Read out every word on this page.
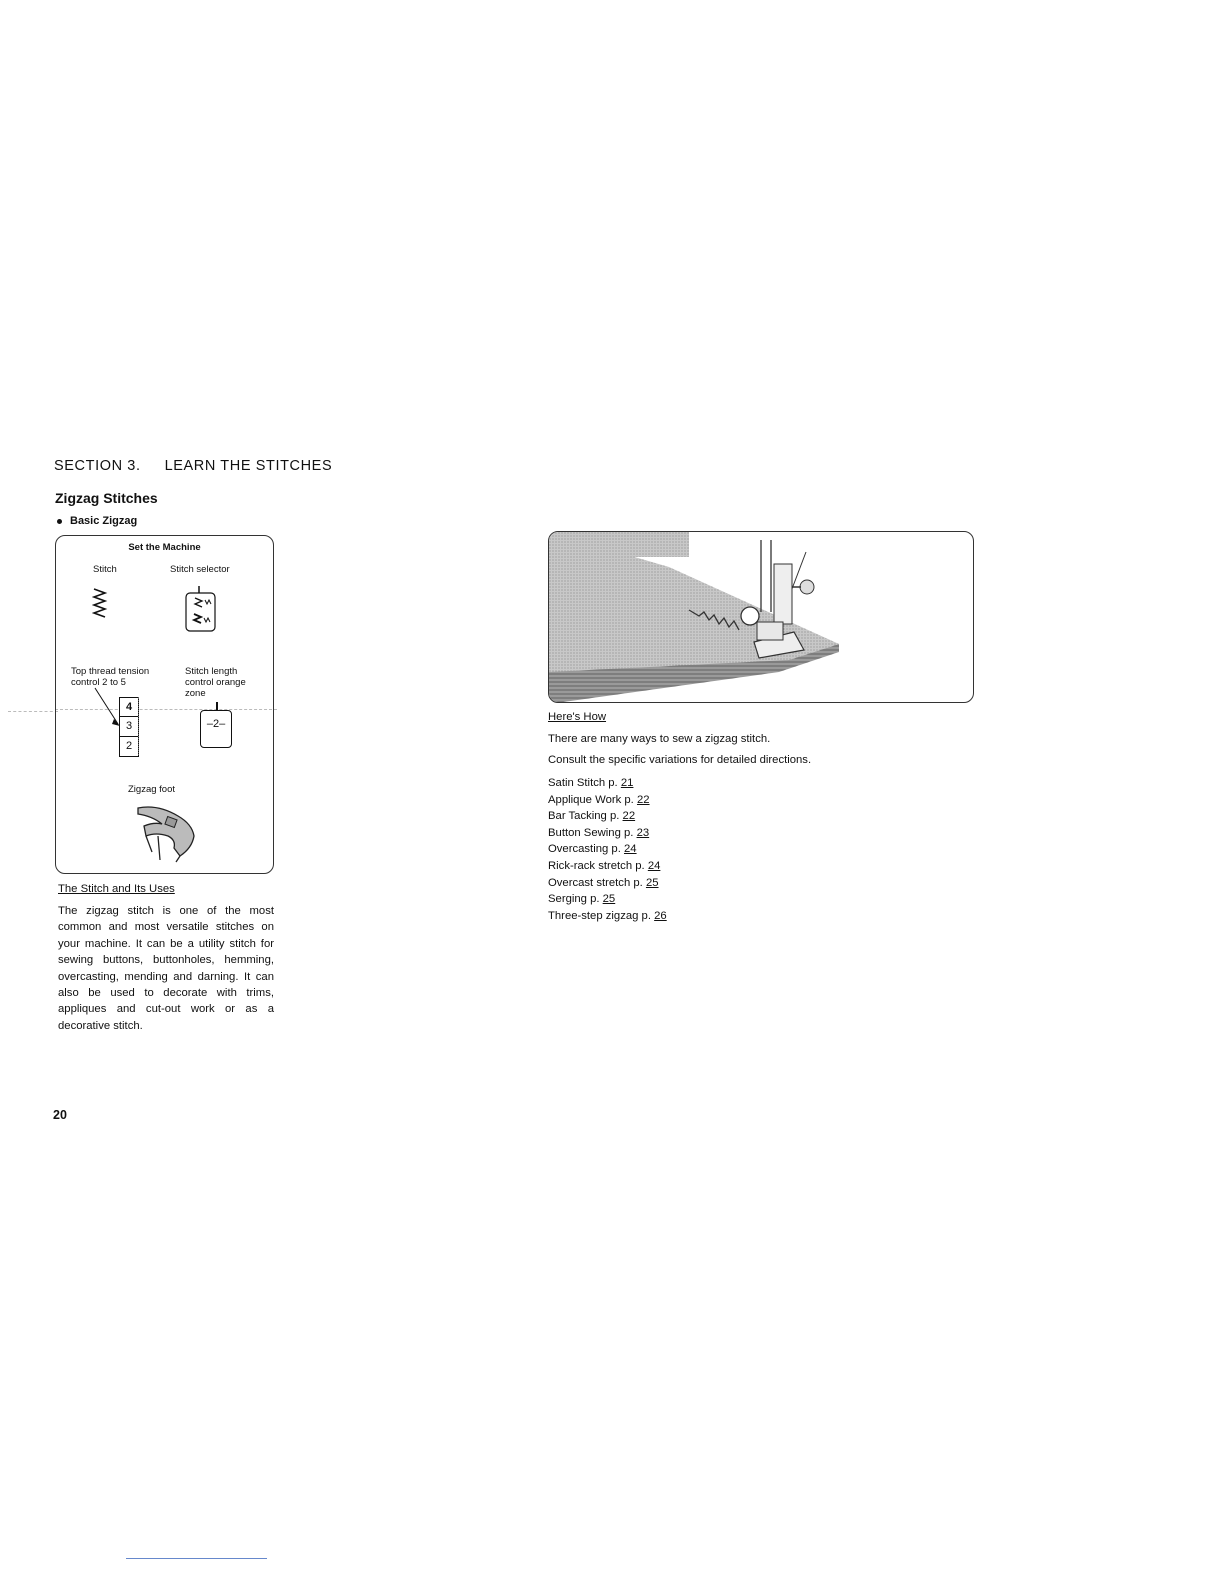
SECTION 3. LEARN THE STITCHES
Zigzag Stitches
Basic Zigzag
Set the Machine
Stitch	Stitch selector
Top thread tension
control 2 to 5
Stitch length
control orange
zone
4
3
2
–2–
Zigzag foot
The Stitch and Its Uses
The zigzag stitch is one of the most common and most versatile stitches on your machine. It can be a utility stitch for sewing buttons, buttonholes, hemming, overcasting, mending and darning. It can also be used to decorate with trims, appliques and cut-out work or as a decorative stitch.
Here's How
There are many ways to sew a zigzag stitch.
Consult the specific variations for detailed directions.
Satin Stitch p. 21
Applique Work p. 22
Bar Tacking p. 22
Button Sewing p. 23
Overcasting p. 24
Rick-rack stretch p. 24
Overcast stretch p. 25
Serging p. 25
Three-step zigzag p. 26
20
